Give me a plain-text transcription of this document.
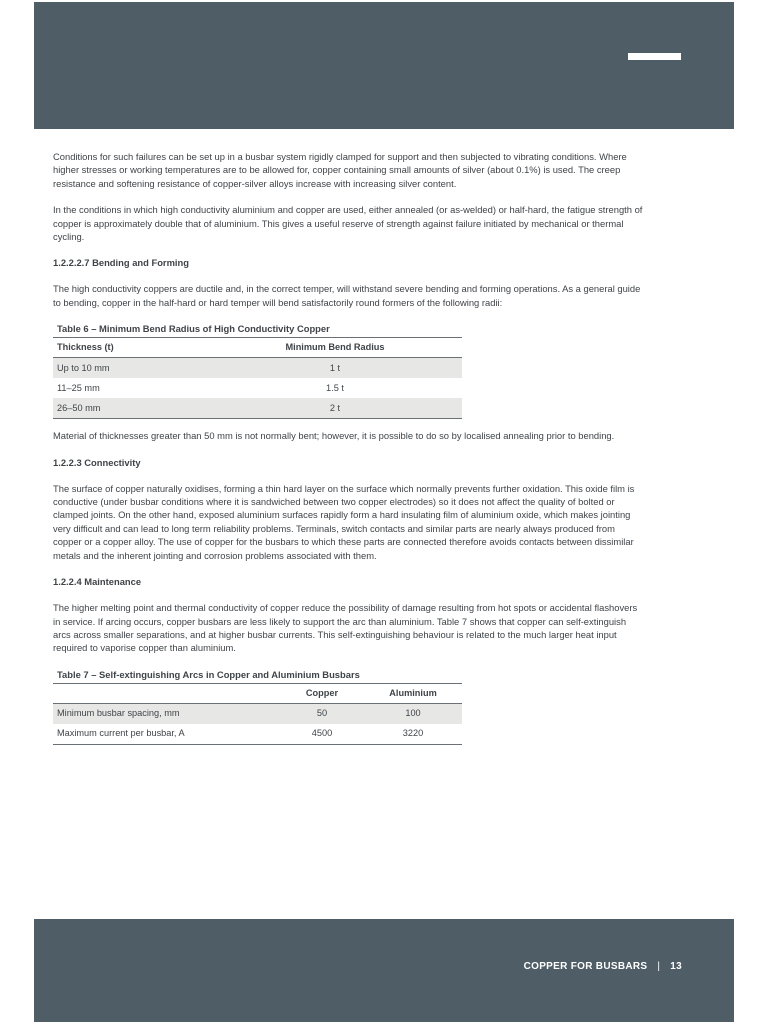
COPPER FOR BUSBARS | 13

Conditions for such failures can be set up in a busbar system rigidly clamped for support and then subjected to vibrating conditions. Where higher stresses or working temperatures are to be allowed for, copper containing small amounts of silver (about 0.1%) is used. The creep resistance and softening resistance of copper-silver alloys increase with increasing silver content.

In the conditions in which high conductivity aluminium and copper are used, either annealed (or as-welded) or half-hard, the fatigue strength of copper is approximately double that of aluminium. This gives a useful reserve of strength against failure initiated by mechanical or thermal cycling.

1.2.2.2.7 Bending and Forming

The high conductivity coppers are ductile and, in the correct temper, will withstand severe bending and forming operations. As a general guide to bending, copper in the half-hard or hard temper will bend satisfactorily round formers of the following radii:

Table 6 – Minimum Bend Radius of High Conductivity Copper
Thickness (t)	Minimum Bend Radius
Up to 10 mm	1 t
11–25 mm	1.5 t
26–50 mm	2 t

Material of thicknesses greater than 50 mm is not normally bent; however, it is possible to do so by localised annealing prior to bending.

1.2.2.3 Connectivity

The surface of copper naturally oxidises, forming a thin hard layer on the surface which normally prevents further oxidation. This oxide film is conductive (under busbar conditions where it is sandwiched between two copper electrodes) so it does not affect the quality of bolted or clamped joints. On the other hand, exposed aluminium surfaces rapidly form a hard insulating film of aluminium oxide, which makes jointing very difficult and can lead to long term reliability problems. Terminals, switch contacts and similar parts are nearly always produced from copper or a copper alloy. The use of copper for the busbars to which these parts are connected therefore avoids contacts between dissimilar metals and the inherent jointing and corrosion problems associated with them.

1.2.2.4 Maintenance

The higher melting point and thermal conductivity of copper reduce the possibility of damage resulting from hot spots or accidental flashovers in service. If arcing occurs, copper busbars are less likely to support the arc than aluminium. Table 7 shows that copper can self-extinguish arcs across smaller separations, and at higher busbar currents. This self-extinguishing behaviour is related to the much larger heat input required to vaporise copper than aluminium.

Table 7 – Self-extinguishing Arcs in Copper and Aluminium Busbars
	Copper	Aluminium
Minimum busbar spacing, mm	50	100
Maximum current per busbar, A	4500	3220
